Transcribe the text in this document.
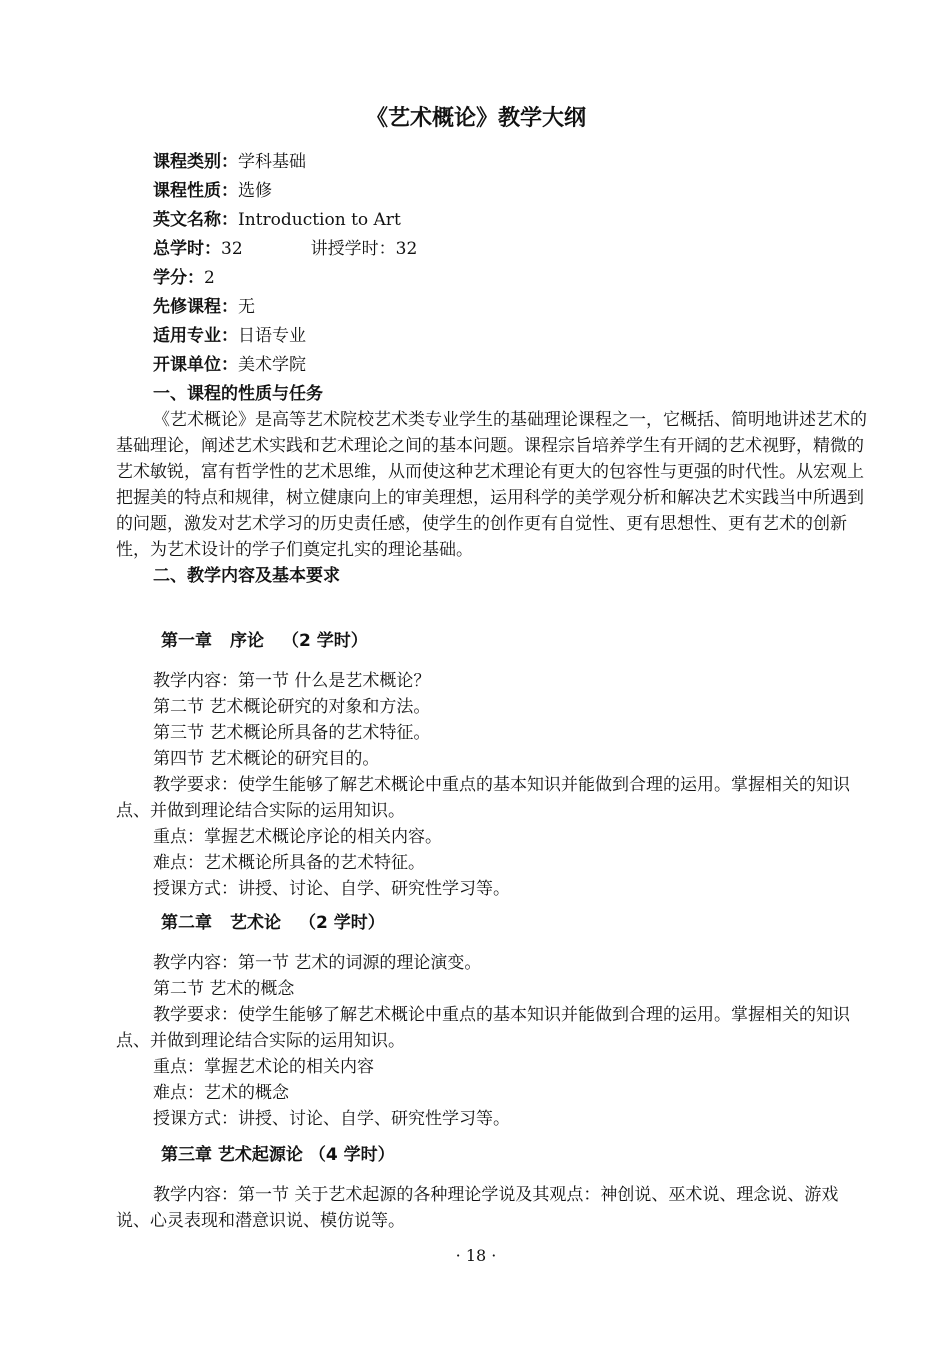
《艺术概论》教学大纲
课程类别：学科基础
课程性质：选修
英文名称：Introduction to Art
总学时：32	讲授学时：32
学分：2
先修课程：无
适用专业：日语专业
开课单位：美术学院

一、课程的性质与任务

《艺术概论》是高等艺术院校艺术类专业学生的基础理论课程之一，它概括、简明地讲述艺术的基础理论，阐述艺术实践和艺术理论之间的基本问题。课程宗旨培养学生有开阔的艺术视野，精微的艺术敏锐，富有哲学性的艺术思维，从而使这种艺术理论有更大的包容性与更强的时代性。从宏观上把握美的特点和规律，树立健康向上的审美理想，运用科学的美学观分析和解决艺术实践当中所遇到的问题，激发对艺术学习的历史责任感，使学生的创作更有自觉性、更有思想性、更有艺术的创新性，为艺术设计的学子们奠定扎实的理论基础。

二、教学内容及基本要求

第一章 序论 （2 学时）

教学内容：第一节 什么是艺术概论？

第二节 艺术概论研究的对象和方法。

第三节 艺术概论所具备的艺术特征。

第四节 艺术概论的研究目的。

教学要求：使学生能够了解艺术概论中重点的基本知识并能做到合理的运用。掌握相关的知识点、并做到理论结合实际的运用知识。

重点：掌握艺术概论序论的相关内容。

难点：艺术概论所具备的艺术特征。

授课方式：讲授、讨论、自学、研究性学习等。

第二章 艺术论 （2 学时）

教学内容：第一节 艺术的词源的理论演变。

第二节 艺术的概念

教学要求：使学生能够了解艺术概论中重点的基本知识并能做到合理的运用。掌握相关的知识点、并做到理论结合实际的运用知识。

重点：掌握艺术论的相关内容

难点：艺术的概念

授课方式：讲授、讨论、自学、研究性学习等。

第三章 艺术起源论 （4 学时）

教学内容：第一节 关于艺术起源的各种理论学说及其观点：神创说、巫术说、理念说、游戏说、心灵表现和潜意识说、模仿说等。

· 18 ·
